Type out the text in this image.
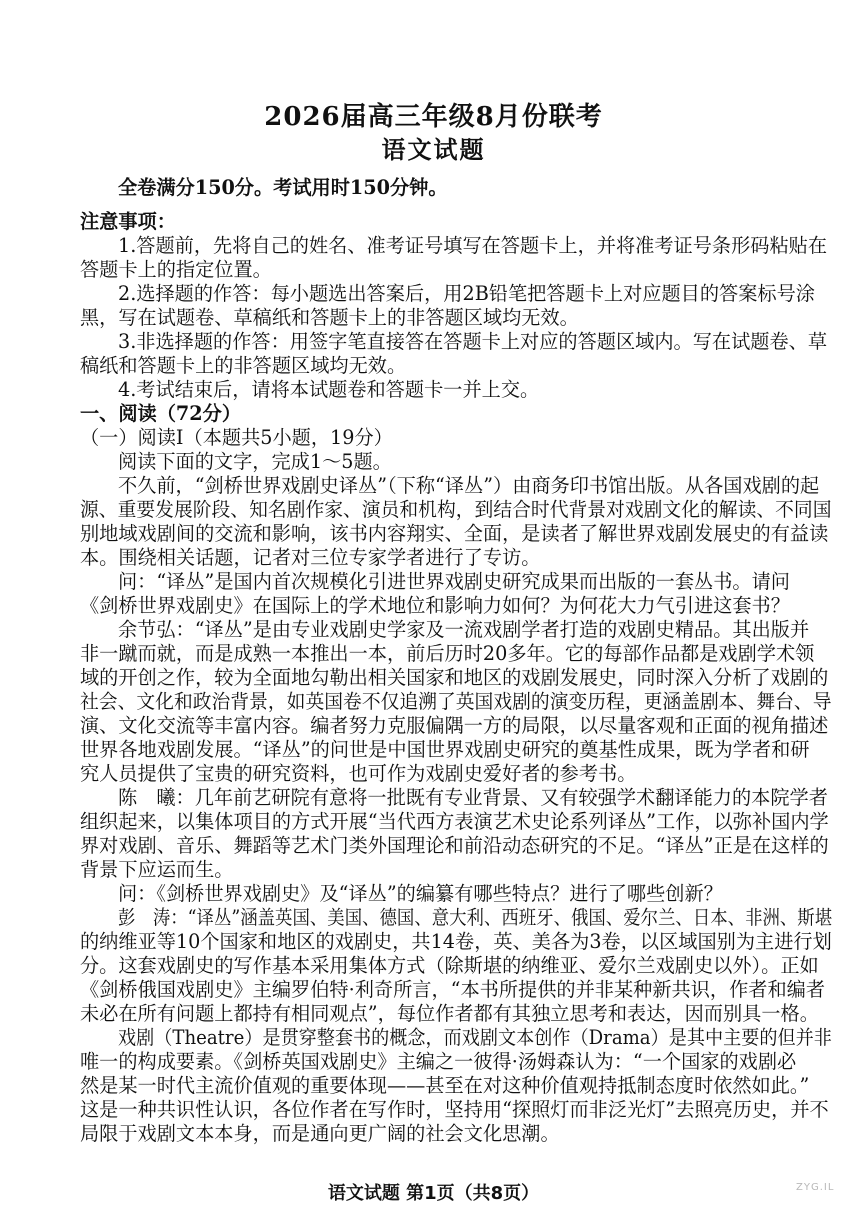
2026届高三年级8月份联考
语文试题
全卷满分150分。考试用时150分钟。
注意事项：
1.答题前，先将自己的姓名、准考证号填写在答题卡上，并将准考证号条形码粘贴在
答题卡上的指定位置。
2.选择题的作答：每小题选出答案后，用2B铅笔把答题卡上对应题目的答案标号涂
黑，写在试题卷、草稿纸和答题卡上的非答题区域均无效。
3.非选择题的作答：用签字笔直接答在答题卡上对应的答题区域内。写在试题卷、草
稿纸和答题卡上的非答题区域均无效。
4.考试结束后，请将本试题卷和答题卡一并上交。
一、阅读（72分）
（一）阅读Ⅰ（本题共5小题，19分）
阅读下面的文字，完成1～5题。
不久前，“剑桥世界戏剧史译丛”（下称“译丛”）由商务印书馆出版。从各国戏剧的起
源、重要发展阶段、知名剧作家、演员和机构，到结合时代背景对戏剧文化的解读、不同国
别地域戏剧间的交流和影响，该书内容翔实、全面，是读者了解世界戏剧发展史的有益读
本。围绕相关话题，记者对三位专家学者进行了专访。
问：“译丛”是国内首次规模化引进世界戏剧史研究成果而出版的一套丛书。请问
《剑桥世界戏剧史》在国际上的学术地位和影响力如何？为何花大力气引进这套书？
余节弘：“译丛”是由专业戏剧史学家及一流戏剧学者打造的戏剧史精品。其出版并
非一蹴而就，而是成熟一本推出一本，前后历时20多年。它的每部作品都是戏剧学术领
域的开创之作，较为全面地勾勒出相关国家和地区的戏剧发展史，同时深入分析了戏剧的
社会、文化和政治背景，如英国卷不仅追溯了英国戏剧的演变历程，更涵盖剧本、舞台、导
演、文化交流等丰富内容。编者努力克服偏隅一方的局限，以尽量客观和正面的视角描述
世界各地戏剧发展。“译丛”的问世是中国世界戏剧史研究的奠基性成果，既为学者和研
究人员提供了宝贵的研究资料，也可作为戏剧史爱好者的参考书。
陈　曦：几年前艺研院有意将一批既有专业背景、又有较强学术翻译能力的本院学者
组织起来，以集体项目的方式开展“当代西方表演艺术史论系列译丛”工作，以弥补国内学
界对戏剧、音乐、舞蹈等艺术门类外国理论和前沿动态研究的不足。“译丛”正是在这样的
背景下应运而生。
问：《剑桥世界戏剧史》及“译丛”的编纂有哪些特点？进行了哪些创新？
彭　涛：“译丛”涵盖英国、美国、德国、意大利、西班牙、俄国、爱尔兰、日本、非洲、斯堪
的纳维亚等10个国家和地区的戏剧史，共14卷，英、美各为3卷，以区域国别为主进行划
分。这套戏剧史的写作基本采用集体方式（除斯堪的纳维亚、爱尔兰戏剧史以外）。正如
《剑桥俄国戏剧史》主编罗伯特·利奇所言，“本书所提供的并非某种新共识，作者和编者
未必在所有问题上都持有相同观点”，每位作者都有其独立思考和表达，因而别具一格。
戏剧（Theatre）是贯穿整套书的概念，而戏剧文本创作（Drama）是其中主要的但并非
唯一的构成要素。《剑桥英国戏剧史》主编之一彼得·汤姆森认为：“一个国家的戏剧必
然是某一时代主流价值观的重要体现——甚至在对这种价值观持抵制态度时依然如此。”
这是一种共识性认识，各位作者在写作时，坚持用“探照灯而非泛光灯”去照亮历史，并不
局限于戏剧文本本身，而是通向更广阔的社会文化思潮。
语文试题 第1页（共8页）	ZYG.IL
